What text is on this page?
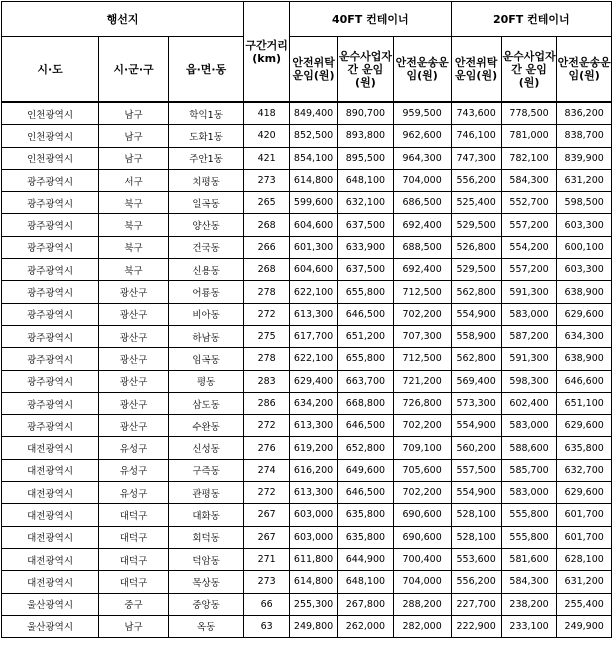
행선지			구간거리(km)	40FT 컨테이너			20FT 컨테이너		
시·도	시·군·구	읍·면·동		안전위탁운임(원)	운수사업자간 운임(원)	안전운송운임(원)	안전위탁운임(원)	운수사업자간 운임(원)	안전운송운임(원)
인천광역시	남구	학익1동	418	849,400	890,700	959,500	743,600	778,500	836,200
인천광역시	남구	도화1동	420	852,500	893,800	962,600	746,100	781,000	838,700
인천광역시	남구	주안1동	421	854,100	895,500	964,300	747,300	782,100	839,900
광주광역시	서구	치평동	273	614,800	648,100	704,000	556,200	584,300	631,200
광주광역시	북구	일곡동	265	599,600	632,100	686,500	525,400	552,700	598,500
광주광역시	북구	양산동	268	604,600	637,500	692,400	529,500	557,200	603,300
광주광역시	북구	건국동	266	601,300	633,900	688,500	526,800	554,200	600,100
광주광역시	북구	신용동	268	604,600	637,500	692,400	529,500	557,200	603,300
광주광역시	광산구	어룡동	278	622,100	655,800	712,500	562,800	591,300	638,900
광주광역시	광산구	비아동	272	613,300	646,500	702,200	554,900	583,000	629,600
광주광역시	광산구	하남동	275	617,700	651,200	707,300	558,900	587,200	634,300
광주광역시	광산구	임곡동	278	622,100	655,800	712,500	562,800	591,300	638,900
광주광역시	광산구	평동	283	629,400	663,700	721,200	569,400	598,300	646,600
광주광역시	광산구	삼도동	286	634,200	668,800	726,800	573,300	602,400	651,100
광주광역시	광산구	수완동	272	613,300	646,500	702,200	554,900	583,000	629,600
대전광역시	유성구	신성동	276	619,200	652,800	709,100	560,200	588,600	635,800
대전광역시	유성구	구즉동	274	616,200	649,600	705,600	557,500	585,700	632,700
대전광역시	유성구	관평동	272	613,300	646,500	702,200	554,900	583,000	629,600
대전광역시	대덕구	대화동	267	603,000	635,800	690,600	528,100	555,800	601,700
대전광역시	대덕구	회덕동	267	603,000	635,800	690,600	528,100	555,800	601,700
대전광역시	대덕구	덕암동	271	611,800	644,900	700,400	553,600	581,600	628,100
대전광역시	대덕구	목상동	273	614,800	648,100	704,000	556,200	584,300	631,200
울산광역시	중구	중앙동	66	255,300	267,800	288,200	227,700	238,200	255,400
울산광역시	남구	옥동	63	249,800	262,000	282,000	222,900	233,100	249,900
